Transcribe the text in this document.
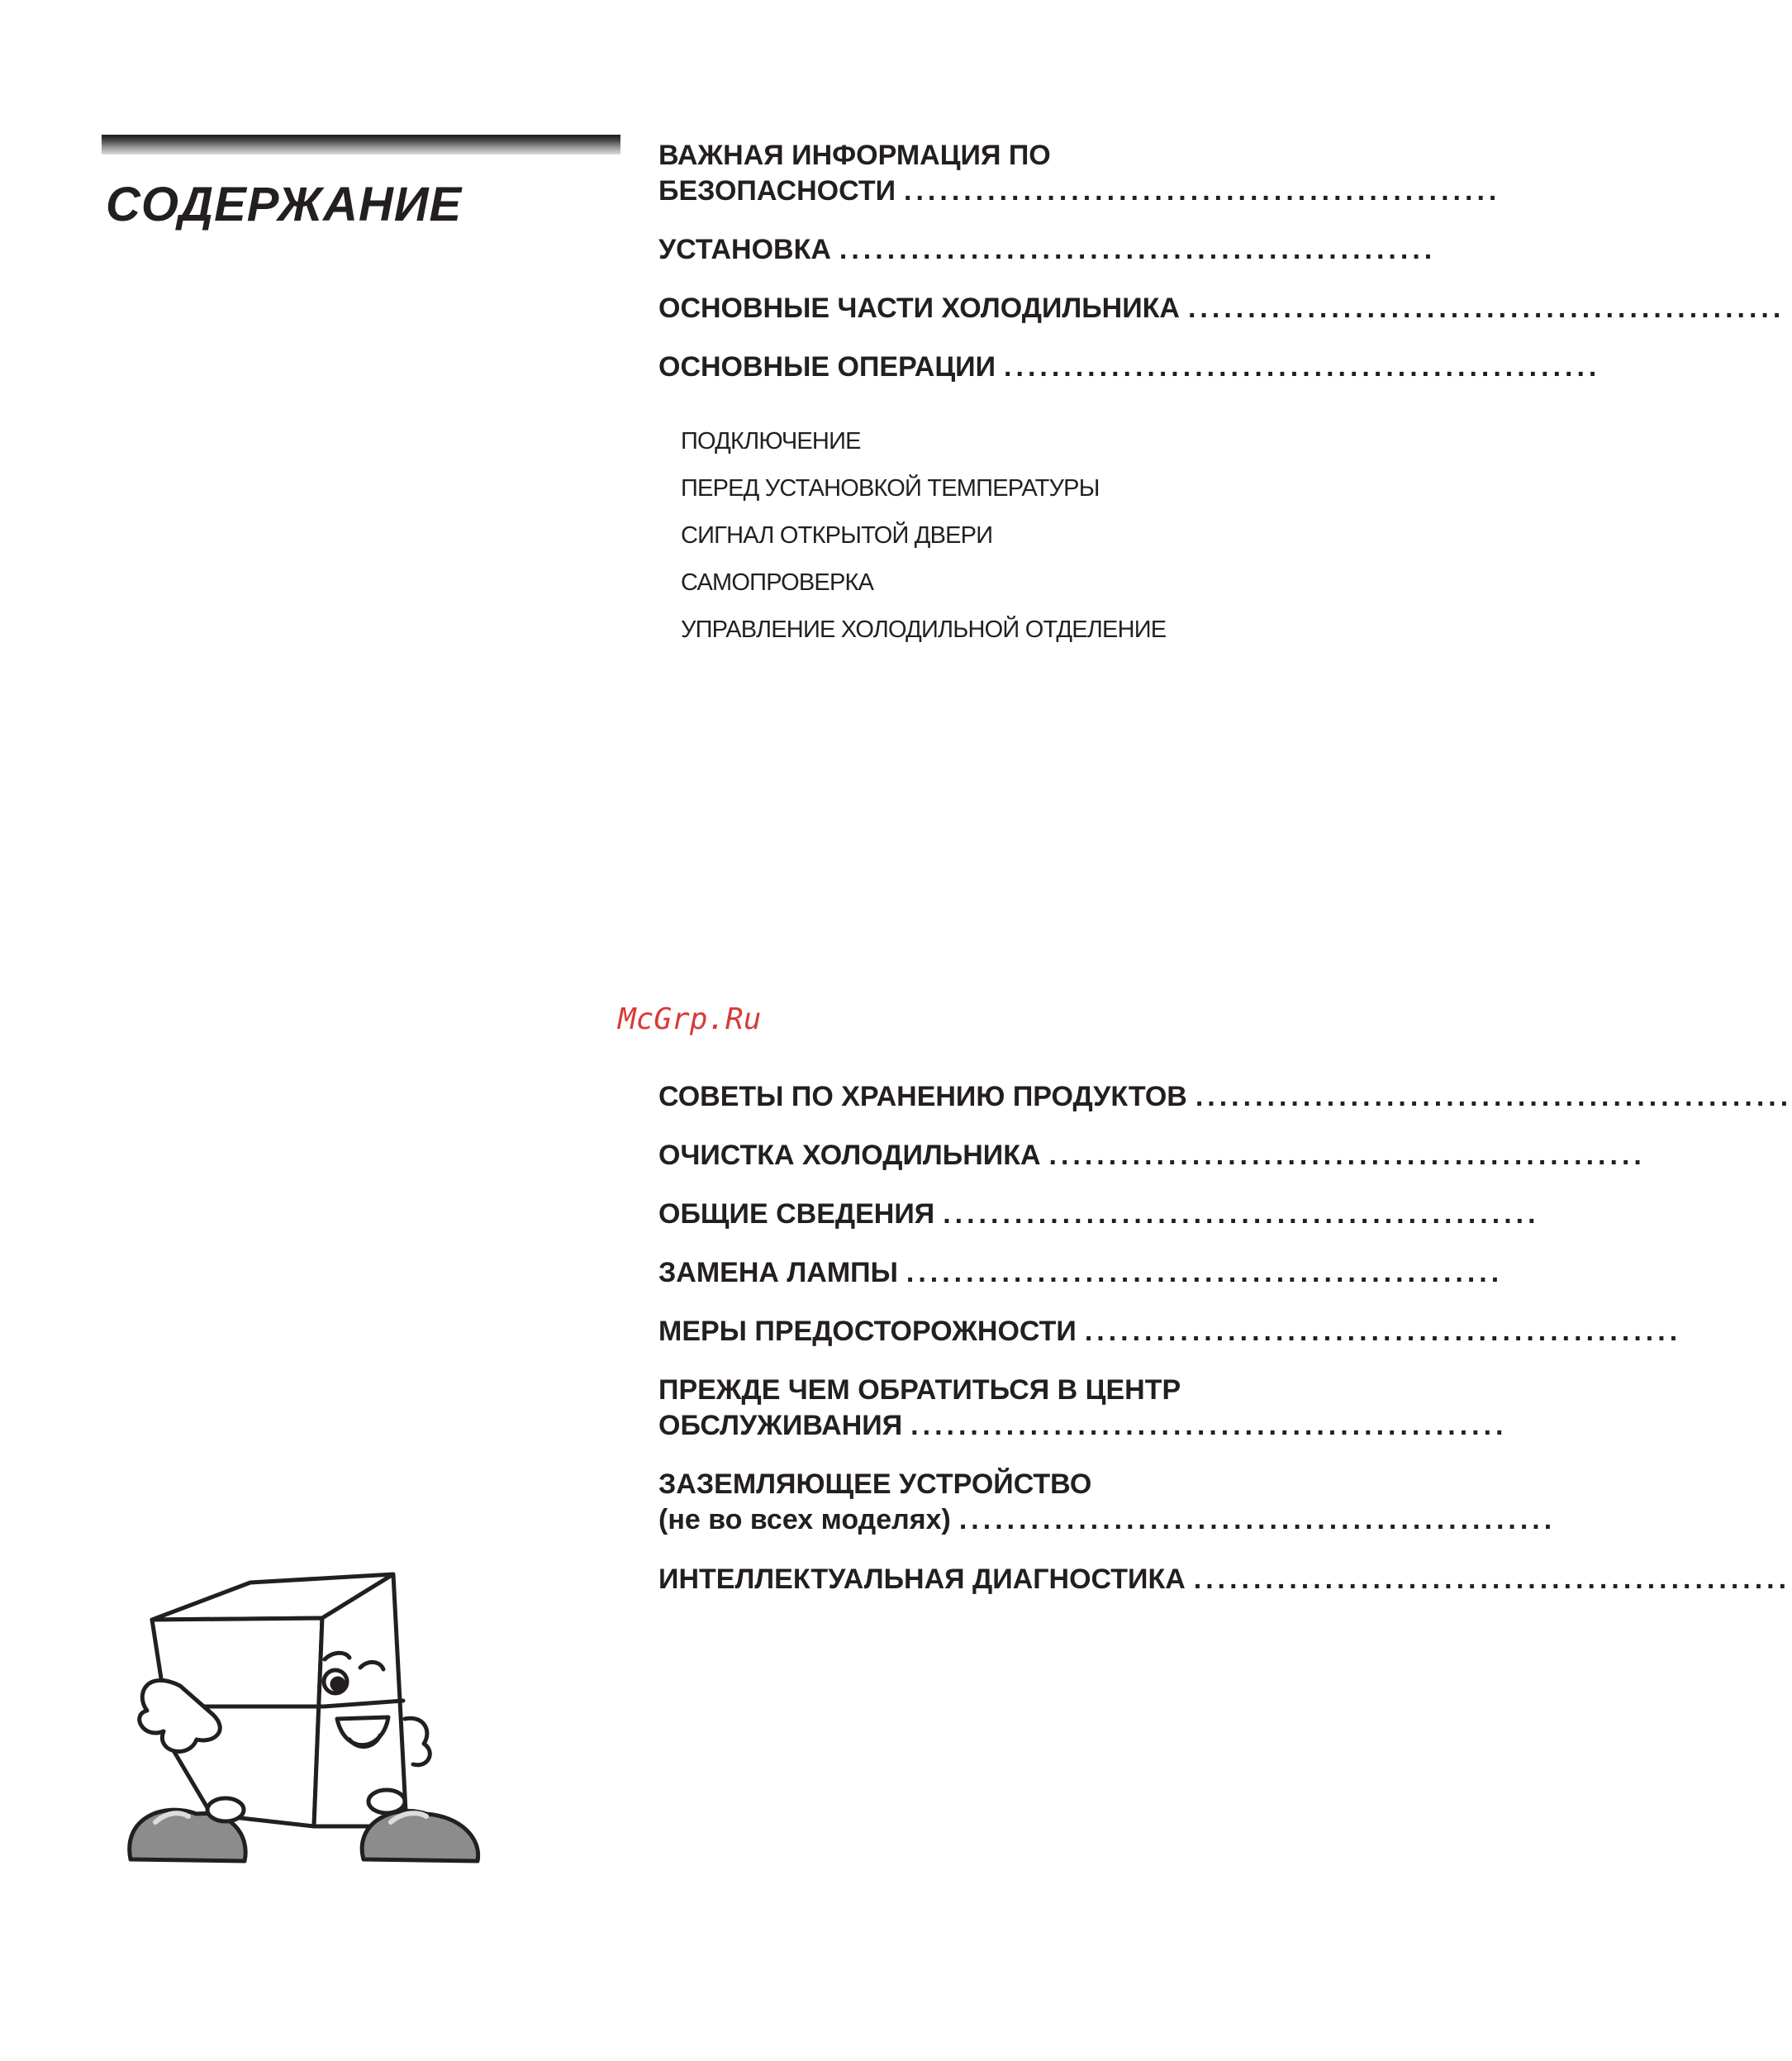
СОДЕРЖАНИЕ
ВАЖНАЯ ИНФОРМАЦИЯ ПО
БЕЗОПАСНОСТИ ..................................................
УСТАНОВКА ..................................................
ОСНОВНЫЕ ЧАСТИ ХОЛОДИЛЬНИКА ..................................................
ОСНОВНЫЕ ОПЕРАЦИИ ..................................................
ПОДКЛЮЧЕНИЕ
ПЕРЕД УСТАНОВКОЙ ТЕМПЕРАТУРЫ
СИГНАЛ ОТКРЫТОЙ ДВЕРИ
САМОПРОВЕРКА
УПРАВЛЕНИЕ ХОЛОДИЛЬНОЙ ОТДЕЛЕНИЕ
McGrp.Ru
СОВЕТЫ ПО ХРАНЕНИЮ ПРОДУКТОВ ..................................................
ОЧИСТКА ХОЛОДИЛЬНИКА ..................................................
ОБЩИЕ СВЕДЕНИЯ ..................................................
ЗАМЕНА ЛАМПЫ ..................................................
МЕРЫ ПРЕДОСТОРОЖНОСТИ ..................................................
ПРЕЖДЕ ЧЕМ ОБРАТИТЬСЯ В ЦЕНТР
ОБСЛУЖИВАНИЯ ..................................................
ЗАЗЕМЛЯЮЩЕЕ УСТРОЙСТВО
(не во всех моделях) ..................................................
ИНТЕЛЛЕКТУАЛЬНАЯ ДИАГНОСТИКА ..................................................
